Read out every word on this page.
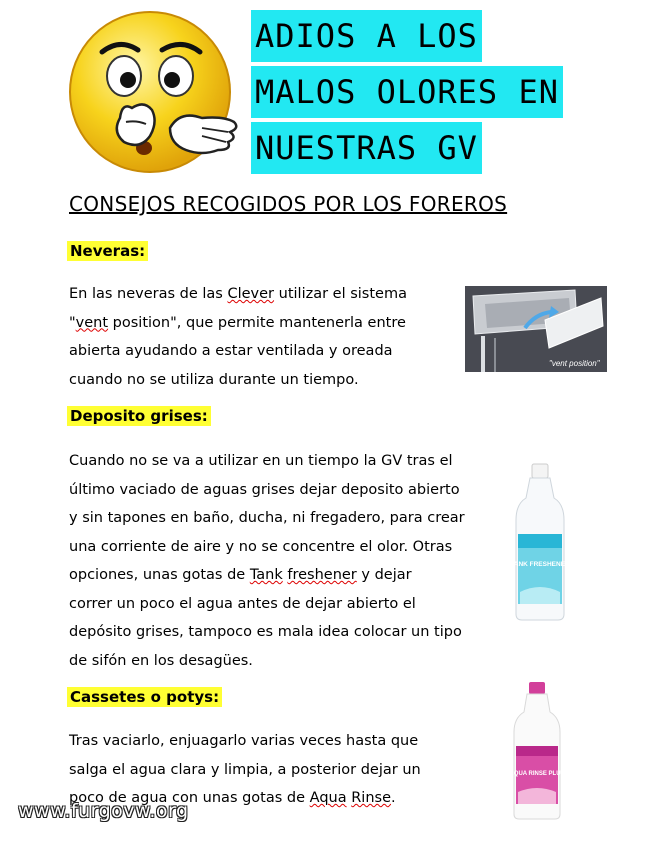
ADIOS A LOS
MALOS OLORES EN
NUESTRAS GV
CONSEJOS RECOGIDOS POR LOS FOREROS
Neveras:
Deposito grises:
Cassetes o potys:
En las neveras de las Clever utilizar el sistema
"vent position", que permite mantenerla entre
abierta ayudando a estar ventilada y oreada
cuando no se utiliza durante un tiempo.
Cuando no se va a utilizar en un tiempo la GV tras el
último vaciado de aguas grises dejar deposito abierto
y sin tapones en baño, ducha, ni fregadero, para crear
una corriente de aire y no se concentre el olor. Otras
opciones, unas gotas de Tank freshener y dejar
correr un poco el agua antes de dejar abierto el
depósito grises, tampoco es mala idea colocar un tipo
de sifón en los desagües.
Tras vaciarlo, enjuagarlo varias veces hasta que
salga el agua clara y limpia, a posterior dejar un
poco de agua con unas gotas de Aqua Rinse.
"vent position"
TANK FRESHENER
AQUA RINSE PLUS
www.furgovw.org
